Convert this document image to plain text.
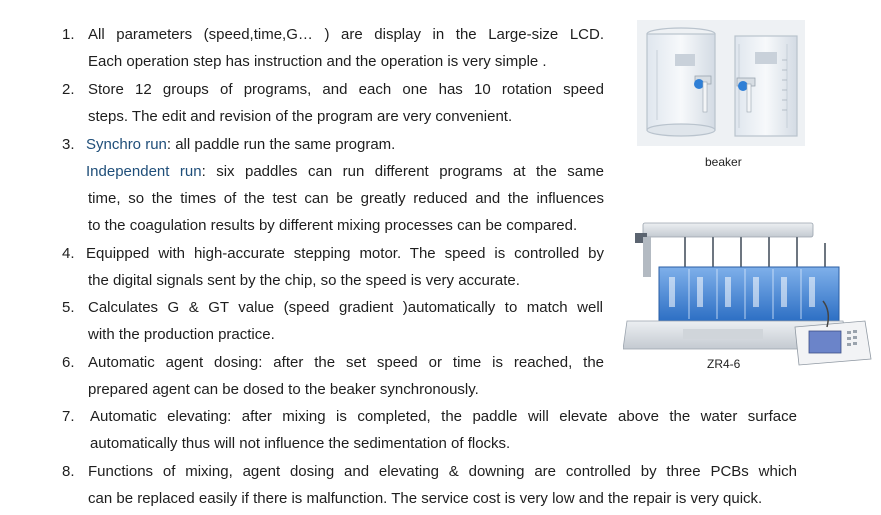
1. All parameters (speed,time,G… ) are display in the Large-size LCD.
Each operation step has instruction and the operation is very simple .
2. Store 12 groups of programs, and each one has 10 rotation speed
steps. The edit and revision of the program are very convenient.
3. Synchro run: all paddle run the same program.
Independent run: six paddles can run different programs at the same
time, so the times of the test can be greatly reduced and the influences
to the coagulation results by different mixing processes can be compared.
4. Equipped with high-accurate stepping motor. The speed is controlled by
the digital signals sent by the chip, so the speed is very accurate.
5. Calculates G & GT value (speed gradient )automatically to match well
with the production practice.
6. Automatic agent dosing: after the set speed or time is reached, the
prepared agent can be dosed to the beaker synchronously.
7. Automatic elevating: after mixing is completed, the paddle will elevate above the water surface
automatically thus will not influence the sedimentation of flocks.
8. Functions of mixing, agent dosing and elevating & downing are controlled by three PCBs which
can be replaced easily if there is malfunction. The service cost is very low and the repair is very quick.
beaker
ZR4-6
